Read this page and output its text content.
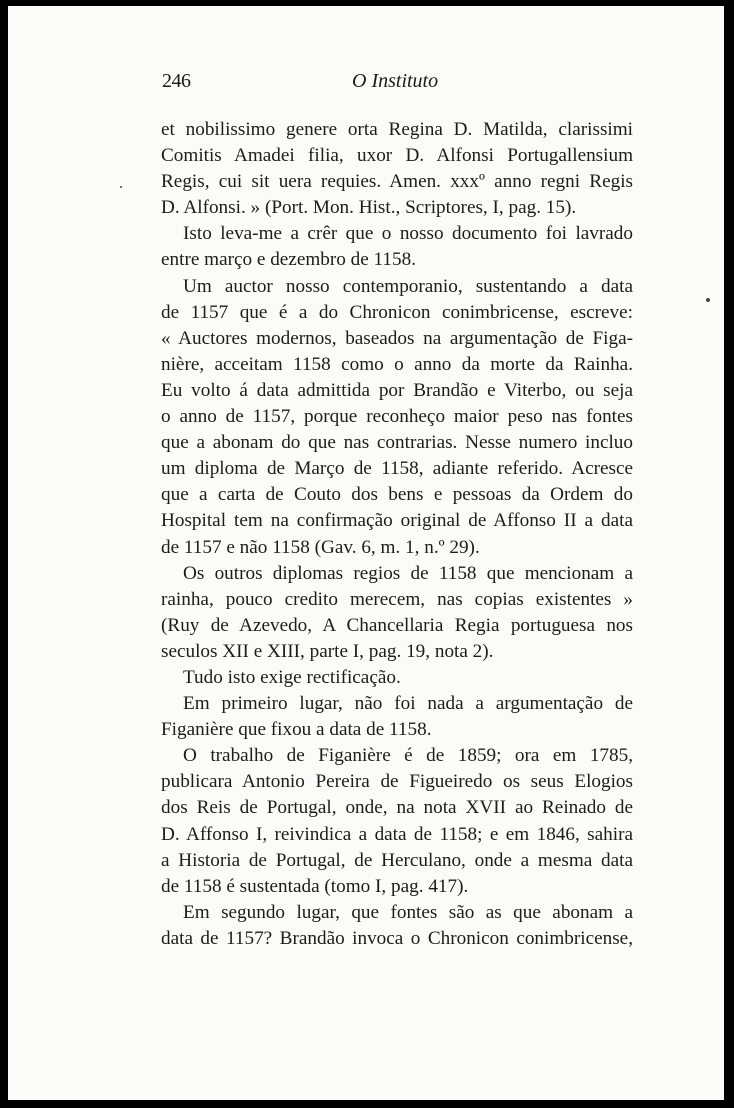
246	O Instituto
et nobilissimo genere orta Regina D. Matilda, clarissimi
Comitis Amadei filia, uxor D. Alfonsi Portugallensium
Regis, cui sit uera requies. Amen. xxxº anno regni Regis
D. Alfonsi. » (Port. Mon. Hist., Scriptores, I, pag. 15).
Isto leva-me a crêr que o nosso documento foi lavrado
entre março e dezembro de 1158.
Um auctor nosso contemporanio, sustentando a data
de 1157 que é a do Chronicon conimbricense, escreve:
« Auctores modernos, baseados na argumentação de Figa-
nière, acceitam 1158 como o anno da morte da Rainha.
Eu volto á data admittida por Brandão e Viterbo, ou seja
o anno de 1157, porque reconheço maior peso nas fontes
que a abonam do que nas contrarias. Nesse numero incluo
um diploma de Março de 1158, adiante referido. Acresce
que a carta de Couto dos bens e pessoas da Ordem do
Hospital tem na confirmação original de Affonso II a data
de 1157 e não 1158 (Gav. 6, m. 1, n.º 29).
Os outros diplomas regios de 1158 que mencionam a
rainha, pouco credito merecem, nas copias existentes »
(Ruy de Azevedo, A Chancellaria Regia portuguesa nos
seculos XII e XIII, parte I, pag. 19, nota 2).
Tudo isto exige rectificação.
Em primeiro lugar, não foi nada a argumentação de
Figanière que fixou a data de 1158.
O trabalho de Figanière é de 1859; ora em 1785,
publicara Antonio Pereira de Figueiredo os seus Elogios
dos Reis de Portugal, onde, na nota XVII ao Reinado de
D. Affonso I, reivindica a data de 1158; e em 1846, sahira
a Historia de Portugal, de Herculano, onde a mesma data
de 1158 é sustentada (tomo I, pag. 417).
Em segundo lugar, que fontes são as que abonam a
data de 1157? Brandão invoca o Chronicon conimbricense,
